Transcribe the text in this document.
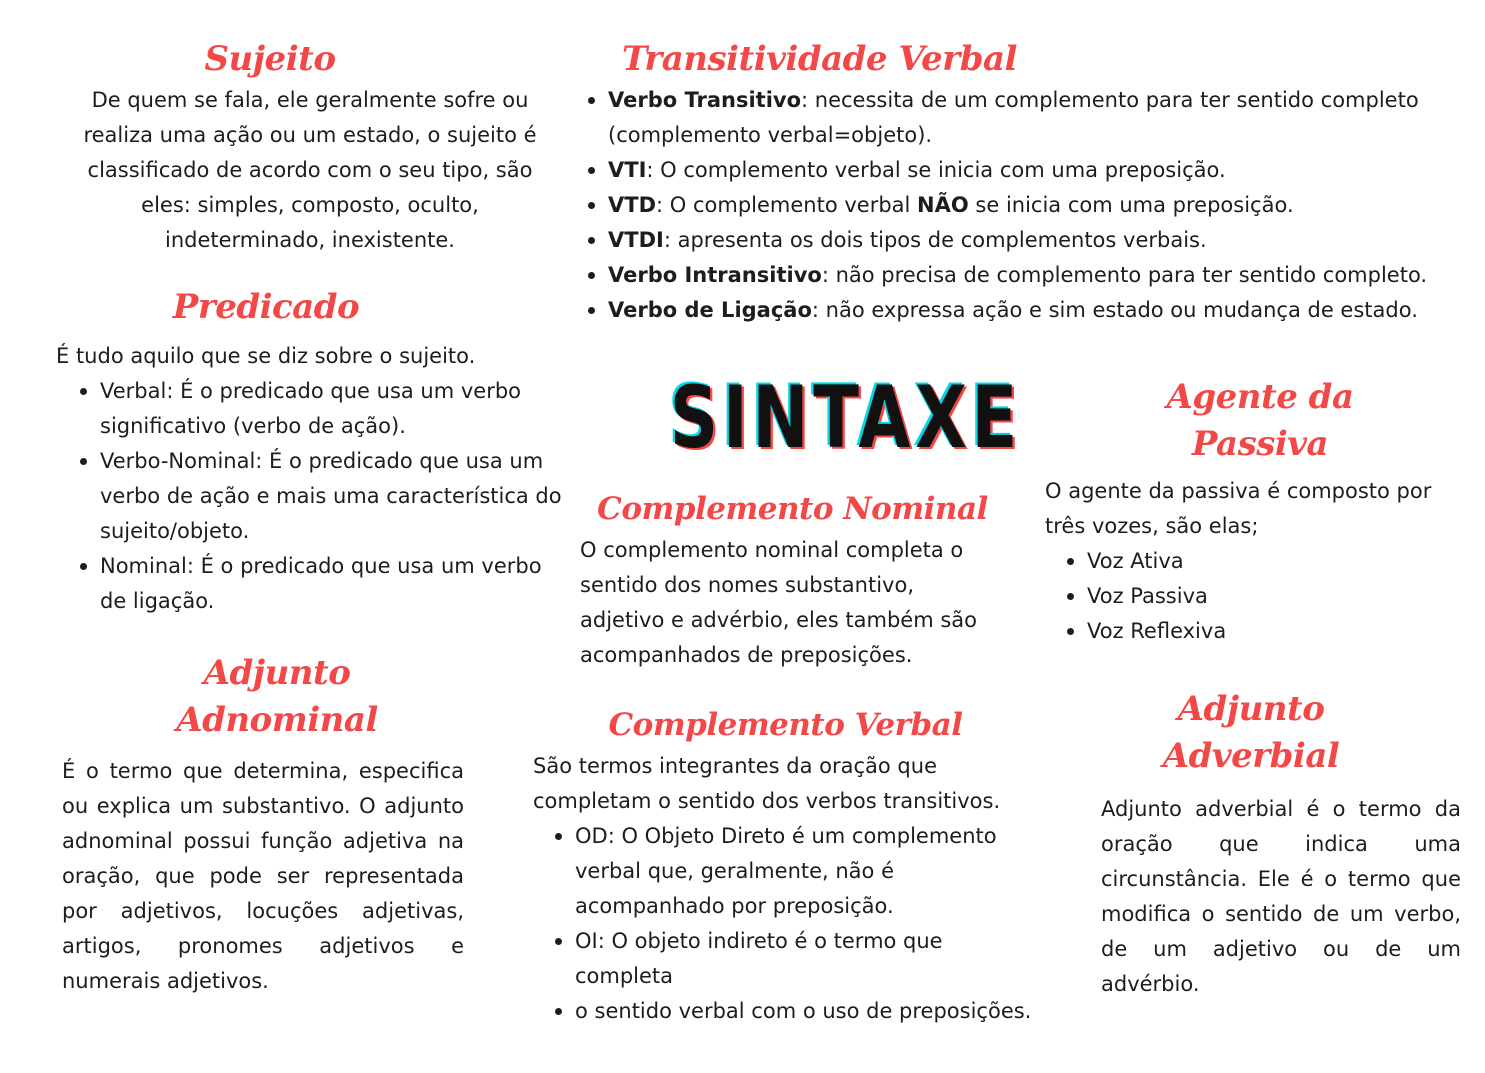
Sujeito

De quem se fala, ele geralmente sofre ou realiza uma ação ou um estado, o sujeito é classificado de acordo com o seu tipo, são eles: simples, composto, oculto, indeterminado, inexistente.

Predicado

É tudo aquilo que se diz sobre o sujeito.

Verbal: É o predicado que usa um verbo significativo (verbo de ação).
Verbo-Nominal: É o predicado que usa um verbo de ação e mais uma característica do sujeito/objeto.
Nominal: É o predicado que usa um verbo de ligação.
Adjunto
Adnominal

É o termo que determina, especifica ou explica um substantivo. O adjunto adnominal possui função adjetiva na oração, que pode ser representada por adjetivos, locuções adjetivas, artigos, pronomes adjetivos e numerais adjetivos.

Transitividade Verbal
Verbo Transitivo: necessita de um complemento para ter sentido completo (complemento verbal=objeto).
VTI: O complemento verbal se inicia com uma preposição.
VTD: O complemento verbal NÃO se inicia com uma preposição.
VTDI: apresenta os dois tipos de complementos verbais.
Verbo Intransitivo: não precisa de complemento para ter sentido completo.
Verbo de Ligação: não expressa ação e sim estado ou mudança de estado.
SINTAXE
Complemento Nominal

O complemento nominal completa o sentido dos nomes substantivo, adjetivo e advérbio, eles também são acompanhados de preposições.

Complemento Verbal

São termos integrantes da oração que completam o sentido dos verbos transitivos.

OD: O Objeto Direto é um complemento verbal que, geralmente, não é acompanhado por preposição.
OI: O objeto indireto é o termo que completa
o sentido verbal com o uso de preposições.
Agente da
Passiva

O agente da passiva é composto por três vozes, são elas;

Voz Ativa
Voz Passiva
Voz Reflexiva
Adjunto
Adverbial

Adjunto adverbial é o termo da oração que indica uma circunstância. Ele é o termo que modifica o sentido de um verbo, de um adjetivo ou de um advérbio.
